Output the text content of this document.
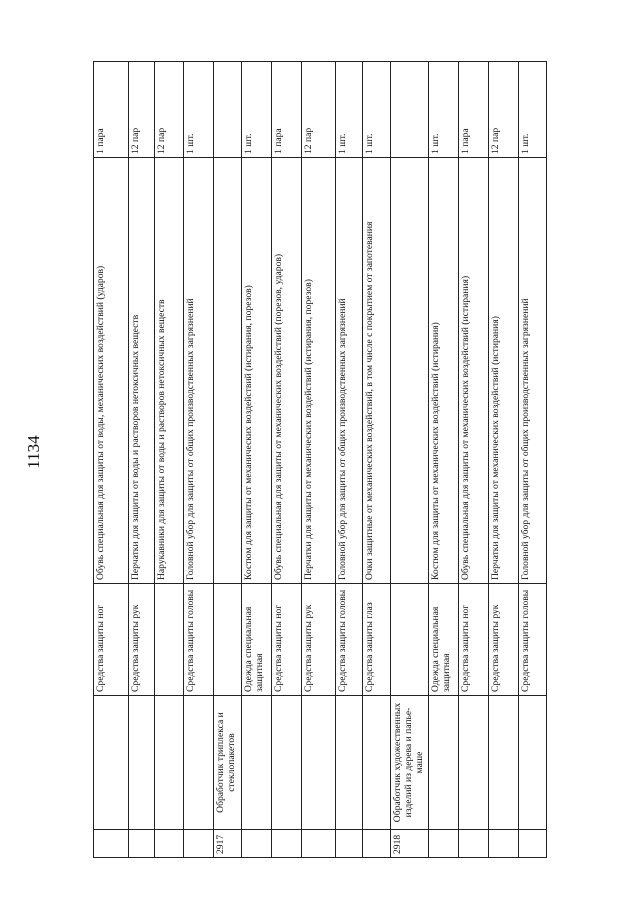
1134
		Средства защиты ног	Обувь специальная для защиты от воды, механических воздействий (ударов)	1 пара
		Средства защиты рук	Перчатки для защиты от воды и растворов нетоксичных веществ	12 пар
			Нарукавники для защиты от воды и растворов нетоксичных веществ	12 пар
		Средства защиты головы	Головной убор для защиты от общих производственных загрязнений	1 шт.
2917	Обработчик триплекса и стеклопакетов			
		Одежда специальная защитная	Костюм для защиты от механических воздействий (истирания, порезов)	1 шт.
		Средства защиты ног	Обувь специальная для защиты от механических воздействий (порезов, ударов)	1 пара
		Средства защиты рук	Перчатки для защиты от механических воздействий (истирания, порезов)	12 пар
		Средства защиты головы	Головной убор для защиты от общих производственных загрязнений	1 шт.
		Средства защиты глаз	Очки защитные от механических воздействий, в том числе с покрытием от запотевания	1 шт.
2918	Обработчик художественных изделий из дерева и папье-маше			
		Одежда специальная защитная	Костюм для защиты от механических воздействий (истирания)	1 шт.
		Средства защиты ног	Обувь специальная для защиты от механических воздействий (истирания)	1 пара
		Средства защиты рук	Перчатки для защиты от механических воздействий (истирания)	12 пар
		Средства защиты головы	Головной убор для защиты от общих производственных загрязнений	1 шт.
